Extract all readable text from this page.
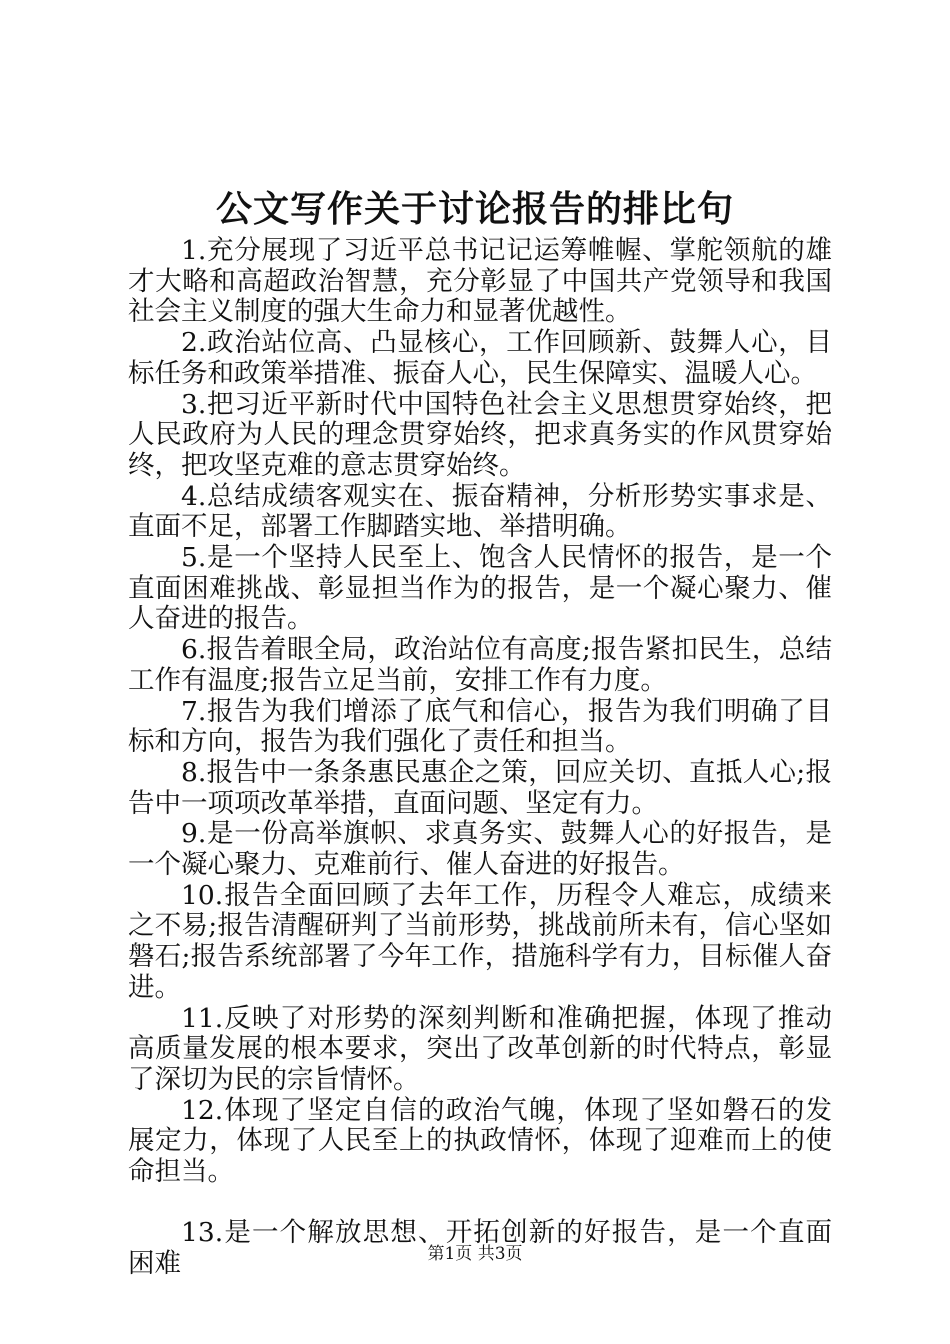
公文写作关于讨论报告的排比句

1.充分展现了习近平总书记记运筹帷幄、掌舵领航的雄才大略和高超政治智慧，充分彰显了中国共产党领导和我国社会主义制度的强大生命力和显著优越性。

2.政治站位高、凸显核心，工作回顾新、鼓舞人心，目标任务和政策举措准、振奋人心，民生保障实、温暖人心。

3.把习近平新时代中国特色社会主义思想贯穿始终，把人民政府为人民的理念贯穿始终，把求真务实的作风贯穿始终，把攻坚克难的意志贯穿始终。

4.总结成绩客观实在、振奋精神，分析形势实事求是、直面不足，部署工作脚踏实地、举措明确。

5.是一个坚持人民至上、饱含人民情怀的报告，是一个直面困难挑战、彰显担当作为的报告，是一个凝心聚力、催人奋进的报告。

6.报告着眼全局，政治站位有高度;报告紧扣民生，总结工作有温度;报告立足当前，安排工作有力度。

7.报告为我们增添了底气和信心，报告为我们明确了目标和方向，报告为我们强化了责任和担当。

8.报告中一条条惠民惠企之策，回应关切、直抵人心;报告中一项项改革举措，直面问题、坚定有力。

9.是一份高举旗帜、求真务实、鼓舞人心的好报告，是一个凝心聚力、克难前行、催人奋进的好报告。

10.报告全面回顾了去年工作，历程令人难忘，成绩来之不易;报告清醒研判了当前形势，挑战前所未有，信心坚如磐石;报告系统部署了今年工作，措施科学有力，目标催人奋进。

11.反映了对形势的深刻判断和准确把握，体现了推动高质量发展的根本要求，突出了改革创新的时代特点，彰显了深切为民的宗旨情怀。

12.体现了坚定自信的政治气魄，体现了坚如磐石的发展定力，体现了人民至上的执政情怀，体现了迎难而上的使命担当。

13.是一个解放思想、开拓创新的好报告，是一个直面困难	第1页 共3页
